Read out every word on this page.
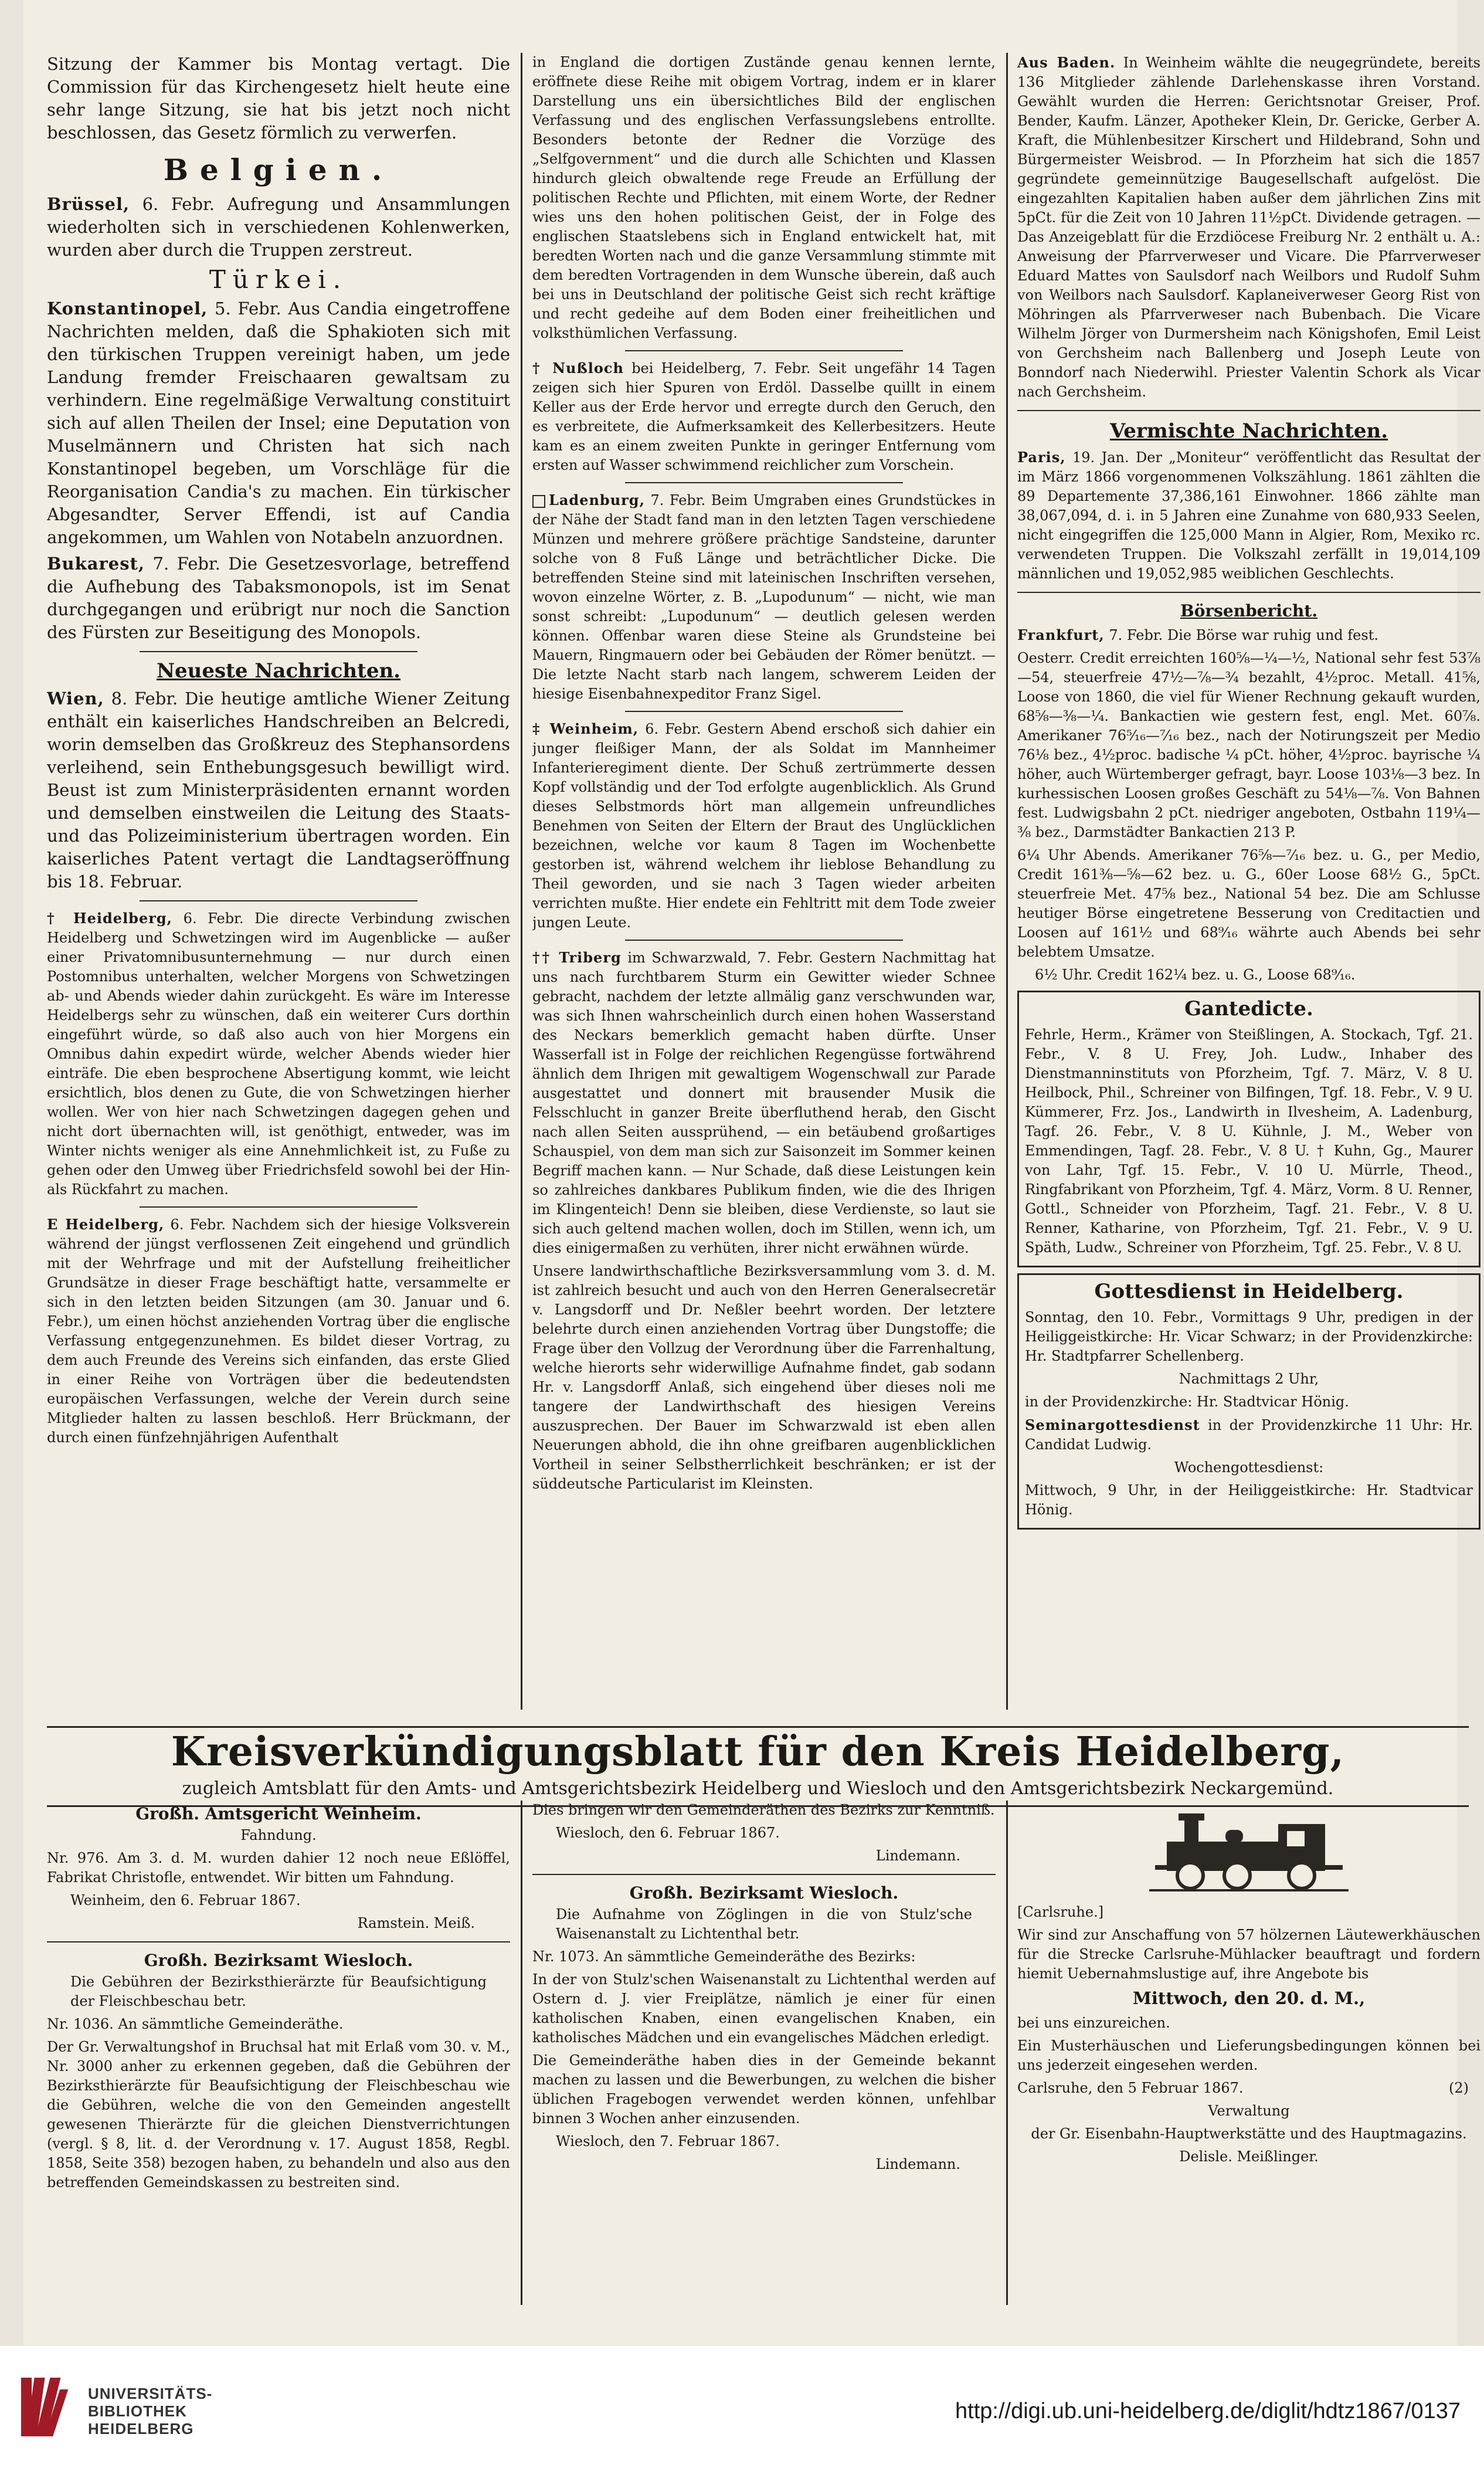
Sitzung der Kammer bis Montag vertagt. Die Commission für das Kirchengesetz hielt heute eine sehr lange Sitzung, sie hat bis jetzt noch nicht beschlossen, das Gesetz förmlich zu verwerfen.

Belgien.

Brüssel, 6. Febr. Aufregung und Ansammlungen wiederholten sich in verschiedenen Kohlenwerken, wurden aber durch die Truppen zerstreut.

Türkei.

Konstantinopel, 5. Febr. Aus Candia eingetroffene Nachrichten melden, daß die Sphakioten sich mit den türkischen Truppen vereinigt haben, um jede Landung fremder Freischaaren gewaltsam zu verhindern. Eine regelmäßige Verwaltung constituirt sich auf allen Theilen der Insel; eine Deputation von Muselmännern und Christen hat sich nach Konstantinopel begeben, um Vorschläge für die Reorganisation Candia's zu machen. Ein türkischer Abgesandter, Server Effendi, ist auf Candia angekommen, um Wahlen von Notabeln anzuordnen.

Bukarest, 7. Febr. Die Gesetzesvorlage, betreffend die Aufhebung des Tabaksmonopols, ist im Senat durchgegangen und erübrigt nur noch die Sanction des Fürsten zur Beseitigung des Monopols.

Neueste Nachrichten.

Wien, 8. Febr. Die heutige amtliche Wiener Zeitung enthält ein kaiserliches Handschreiben an Belcredi, worin demselben das Großkreuz des Stephansordens verleihend, sein Enthebungsgesuch bewilligt wird. Beust ist zum Ministerpräsidenten ernannt worden und demselben einstweilen die Leitung des Staats- und das Polizeiministerium übertragen worden. Ein kaiserliches Patent vertagt die Landtagseröffnung bis 18. Februar.

† Heidelberg, 6. Febr. Die directe Verbindung zwischen Heidelberg und Schwetzingen wird im Augenblicke — außer einer Privatomnibusunternehmung — nur durch einen Postomnibus unterhalten, welcher Morgens von Schwetzingen ab- und Abends wieder dahin zurückgeht. Es wäre im Interesse Heidelbergs sehr zu wünschen, daß ein weiterer Curs dorthin eingeführt würde, so daß also auch von hier Morgens ein Omnibus dahin expedirt würde, welcher Abends wieder hier einträfe. Die eben besprochene Absertigung kommt, wie leicht ersichtlich, blos denen zu Gute, die von Schwetzingen hierher wollen. Wer von hier nach Schwetzingen dagegen gehen und nicht dort übernachten will, ist genöthigt, entweder, was im Winter nichts weniger als eine Annehmlichkeit ist, zu Fuße zu gehen oder den Umweg über Friedrichsfeld sowohl bei der Hin- als Rückfahrt zu machen.

E Heidelberg, 6. Febr. Nachdem sich der hiesige Volksverein während der jüngst verflossenen Zeit eingehend und gründlich mit der Wehrfrage und mit der Aufstellung freiheitlicher Grundsätze in dieser Frage beschäftigt hatte, versammelte er sich in den letzten beiden Sitzungen (am 30. Januar und 6. Febr.), um einen höchst anziehenden Vortrag über die englische Verfassung entgegenzunehmen. Es bildet dieser Vortrag, zu dem auch Freunde des Vereins sich einfanden, das erste Glied in einer Reihe von Vorträgen über die bedeutendsten europäischen Verfassungen, welche der Verein durch seine Mitglieder halten zu lassen beschloß. Herr Brückmann, der durch einen fünfzehnjährigen Aufenthalt

in England die dortigen Zustände genau kennen lernte, eröffnete diese Reihe mit obigem Vortrag, indem er in klarer Darstellung uns ein übersichtliches Bild der englischen Verfassung und des englischen Verfassungslebens entrollte. Besonders betonte der Redner die Vorzüge des „Selfgovernment“ und die durch alle Schichten und Klassen hindurch gleich obwaltende rege Freude an Erfüllung der politischen Rechte und Pflichten, mit einem Worte, der Redner wies uns den hohen politischen Geist, der in Folge des englischen Staatslebens sich in England entwickelt hat, mit beredten Worten nach und die ganze Versammlung stimmte mit dem beredten Vortragenden in dem Wunsche überein, daß auch bei uns in Deutschland der politische Geist sich recht kräftige und recht gedeihe auf dem Boden einer freiheitlichen und volksthümlichen Verfassung.

† Nußloch bei Heidelberg, 7. Febr. Seit ungefähr 14 Tagen zeigen sich hier Spuren von Erdöl. Dasselbe quillt in einem Keller aus der Erde hervor und erregte durch den Geruch, den es verbreitete, die Aufmerksamkeit des Kellerbesitzers. Heute kam es an einem zweiten Punkte in geringer Entfernung vom ersten auf Wasser schwimmend reichlicher zum Vorschein.

Ladenburg, 7. Febr. Beim Umgraben eines Grundstückes in der Nähe der Stadt fand man in den letzten Tagen verschiedene Münzen und mehrere größere prächtige Sandsteine, darunter solche von 8 Fuß Länge und beträchtlicher Dicke. Die betreffenden Steine sind mit lateinischen Inschriften versehen, wovon einzelne Wörter, z. B. „Lupodunum“ — nicht, wie man sonst schreibt: „Lupodunum“ — deutlich gelesen werden können. Offenbar waren diese Steine als Grundsteine bei Mauern, Ringmauern oder bei Gebäuden der Römer benützt. — Die letzte Nacht starb nach langem, schwerem Leiden der hiesige Eisenbahnexpeditor Franz Sigel.

‡ Weinheim, 6. Febr. Gestern Abend erschoß sich dahier ein junger fleißiger Mann, der als Soldat im Mannheimer Infanterieregiment diente. Der Schuß zertrümmerte dessen Kopf vollständig und der Tod erfolgte augenblicklich. Als Grund dieses Selbstmords hört man allgemein unfreundliches Benehmen von Seiten der Eltern der Braut des Unglücklichen bezeichnen, welche vor kaum 8 Tagen im Wochenbette gestorben ist, während welchem ihr lieblose Behandlung zu Theil geworden, und sie nach 3 Tagen wieder arbeiten verrichten mußte. Hier endete ein Fehltritt mit dem Tode zweier jungen Leute.

†† Triberg im Schwarzwald, 7. Febr. Gestern Nachmittag hat uns nach furchtbarem Sturm ein Gewitter wieder Schnee gebracht, nachdem der letzte allmälig ganz verschwunden war, was sich Ihnen wahrscheinlich durch einen hohen Wasserstand des Neckars bemerklich gemacht haben dürfte. Unser Wasserfall ist in Folge der reichlichen Regengüsse fortwährend ähnlich dem Ihrigen mit gewaltigem Wogenschwall zur Parade ausgestattet und donnert mit brausender Musik die Felsschlucht in ganzer Breite überfluthend herab, den Gischt nach allen Seiten aussprühend, — ein betäubend großartiges Schauspiel, von dem man sich zur Saisonzeit im Sommer keinen Begriff machen kann. — Nur Schade, daß diese Leistungen kein so zahlreiches dankbares Publikum finden, wie die des Ihrigen im Klingenteich! Denn sie bleiben, diese Verdienste, so laut sie sich auch geltend machen wollen, doch im Stillen, wenn ich, um dies einigermaßen zu verhüten, ihrer nicht erwähnen würde.

Unsere landwirthschaftliche Bezirksversammlung vom 3. d. M. ist zahlreich besucht und auch von den Herren Generalsecretär v. Langsdorff und Dr. Neßler beehrt worden. Der letztere belehrte durch einen anziehenden Vortrag über Dungstoffe; die Frage über den Vollzug der Verordnung über die Farrenhaltung, welche hierorts sehr widerwillige Aufnahme findet, gab sodann Hr. v. Langsdorff Anlaß, sich eingehend über dieses noli me tangere der Landwirthschaft des hiesigen Vereins auszusprechen. Der Bauer im Schwarzwald ist eben allen Neuerungen abhold, die ihn ohne greifbaren augenblicklichen Vortheil in seiner Selbstherrlichkeit beschränken; er ist der süddeutsche Particularist im Kleinsten.

Aus Baden. In Weinheim wählte die neugegründete, bereits 136 Mitglieder zählende Darlehenskasse ihren Vorstand. Gewählt wurden die Herren: Gerichtsnotar Greiser, Prof. Bender, Kaufm. Länzer, Apotheker Klein, Dr. Gericke, Gerber A. Kraft, die Mühlenbesitzer Kirschert und Hildebrand, Sohn und Bürgermeister Weisbrod. — In Pforzheim hat sich die 1857 gegründete gemeinnützige Baugesellschaft aufgelöst. Die eingezahlten Kapitalien haben außer dem jährlichen Zins mit 5pCt. für die Zeit von 10 Jahren 11½pCt. Dividende getragen. — Das Anzeigeblatt für die Erzdiöcese Freiburg Nr. 2 enthält u. A.: Anweisung der Pfarrverweser und Vicare. Die Pfarrverweser Eduard Mattes von Saulsdorf nach Weilbors und Rudolf Suhm von Weilbors nach Saulsdorf. Kaplaneiverweser Georg Rist von Möhringen als Pfarrverweser nach Bubenbach. Die Vicare Wilhelm Jörger von Durmersheim nach Königshofen, Emil Leist von Gerchsheim nach Ballenberg und Joseph Leute von Bonndorf nach Niederwihl. Priester Valentin Schork als Vicar nach Gerchsheim.

Vermischte Nachrichten.

Paris, 19. Jan. Der „Moniteur“ veröffentlicht das Resultat der im März 1866 vorgenommenen Volkszählung. 1861 zählten die 89 Departemente 37,386,161 Einwohner. 1866 zählte man 38,067,094, d. i. in 5 Jahren eine Zunahme von 680,933 Seelen, nicht eingegriffen die 125,000 Mann in Algier, Rom, Mexiko rc. verwendeten Truppen. Die Volkszahl zerfällt in 19,014,109 männlichen und 19,052,985 weiblichen Geschlechts.

Börsenbericht.

Frankfurt, 7. Febr. Die Börse war ruhig und fest.

Oesterr. Credit erreichten 160⅝—¼—½, National sehr fest 53⅞—54, steuerfreie 47½—⅞—¾ bezahlt, 4½proc. Metall. 41⅝, Loose von 1860, die viel für Wiener Rechnung gekauft wurden, 68⅝—⅜—¼. Bankactien wie gestern fest, engl. Met. 60⅞. Amerikaner 76⁵⁄₁₆—⁷⁄₁₆ bez., nach der Notirungszeit per Medio 76⅛ bez., 4½proc. badische ¼ pCt. höher, 4½proc. bayrische ¼ höher, auch Würtemberger gefragt, bayr. Loose 103⅛—3 bez. In kurhessischen Loosen großes Geschäft zu 54⅛—⅞. Von Bahnen fest. Ludwigsbahn 2 pCt. niedriger angeboten, Ostbahn 119¼—⅜ bez., Darmstädter Bankactien 213 P.

6¼ Uhr Abends. Amerikaner 76⅝—⁷⁄₁₆ bez. u. G., per Medio, Credit 161⅜—⅝—62 bez. u. G., 60er Loose 68½ G., 5pCt. steuerfreie Met. 47⅝ bez., National 54 bez. Die am Schlusse heutiger Börse eingetretene Besserung von Creditactien und Loosen auf 161½ und 68⁹⁄₁₆ währte auch Abends bei sehr belebtem Umsatze.

6½ Uhr. Credit 162¼ bez. u. G., Loose 68⁹⁄₁₆.

Gantedicte.

Fehrle, Herm., Krämer von Steißlingen, A. Stockach, Tgf. 21. Febr., V. 8 U. Frey, Joh. Ludw., Inhaber des Dienstmanninstituts von Pforzheim, Tgf. 7. März, V. 8 U. Heilbock, Phil., Schreiner von Bilfingen, Tgf. 18. Febr., V. 9 U. Kümmerer, Frz. Jos., Landwirth in Ilvesheim, A. Ladenburg, Tagf. 26. Febr., V. 8 U. Kühnle, J. M., Weber von Emmendingen, Tagf. 28. Febr., V. 8 U. † Kuhn, Gg., Maurer von Lahr, Tgf. 15. Febr., V. 10 U. Mürrle, Theod., Ringfabrikant von Pforzheim, Tgf. 4. März, Vorm. 8 U. Renner, Gottl., Schneider von Pforzheim, Tagf. 21. Febr., V. 8 U. Renner, Katharine, von Pforzheim, Tgf. 21. Febr., V. 9 U. Späth, Ludw., Schreiner von Pforzheim, Tgf. 25. Febr., V. 8 U.

Gottesdienst in Heidelberg.

Sonntag, den 10. Febr., Vormittags 9 Uhr, predigen in der Heiliggeistkirche: Hr. Vicar Schwarz; in der Providenzkirche: Hr. Stadtpfarrer Schellenberg.

Nachmittags 2 Uhr,

in der Providenzkirche: Hr. Stadtvicar Hönig.

Seminargottesdienst in der Providenzkirche 11 Uhr: Hr. Candidat Ludwig.

Wochengottesdienst:

Mittwoch, 9 Uhr, in der Heiliggeistkirche: Hr. Stadtvicar Hönig.

Kreisverkündigungsblatt für den Kreis Heidelberg,
zugleich Amtsblatt für den Amts- und Amtsgerichtsbezirk Heidelberg und Wiesloch und den Amtsgerichtsbezirk Neckargemünd.
Großh. Amtsgericht Weinheim.

Fahndung.

Nr. 976. Am 3. d. M. wurden dahier 12 noch neue Eßlöffel, Fabrikat Christofle, entwendet. Wir bitten um Fahndung.

Weinheim, den 6. Februar 1867.

Ramstein. Meiß.

Großh. Bezirksamt Wiesloch.

Die Gebühren der Bezirksthierärzte für Beaufsichtigung der Fleischbeschau betr.

Nr. 1036. An sämmtliche Gemeinderäthe.

Der Gr. Verwaltungshof in Bruchsal hat mit Erlaß vom 30. v. M., Nr. 3000 anher zu erkennen gegeben, daß die Gebühren der Bezirksthierärzte für Beaufsichtigung der Fleischbeschau wie die Gebühren, welche die von den Gemeinden angestellt gewesenen Thierärzte für die gleichen Dienstverrichtungen (vergl. § 8, lit. d. der Verordnung v. 17. August 1858, Regbl. 1858, Seite 358) bezogen haben, zu behandeln und also aus den betreffenden Gemeindskassen zu bestreiten sind.

Dies bringen wir den Gemeinderäthen des Bezirks zur Kenntniß.

Wiesloch, den 6. Februar 1867.

Lindemann.

Großh. Bezirksamt Wiesloch.

Die Aufnahme von Zöglingen in die von Stulz'sche Waisenanstalt zu Lichtenthal betr.

Nr. 1073. An sämmtliche Gemeinderäthe des Bezirks:

In der von Stulz'schen Waisenanstalt zu Lichtenthal werden auf Ostern d. J. vier Freiplätze, nämlich je einer für einen katholischen Knaben, einen evangelischen Knaben, ein katholisches Mädchen und ein evangelisches Mädchen erledigt.

Die Gemeinderäthe haben dies in der Gemeinde bekannt machen zu lassen und die Bewerbungen, zu welchen die bisher üblichen Fragebogen verwendet werden können, unfehlbar binnen 3 Wochen anher einzusenden.

Wiesloch, den 7. Februar 1867.

Lindemann.

[Carlsruhe.]

Wir sind zur Anschaffung von 57 hölzernen Läutewerkhäuschen für die Strecke Carlsruhe-Mühlacker beauftragt und fordern hiemit Uebernahmslustige auf, ihre Angebote bis

Mittwoch, den 20. d. M.,

bei uns einzureichen.

Ein Musterhäuschen und Lieferungsbedingungen können bei uns jederzeit eingesehen werden.

Carlsruhe, den 5 Februar 1867.	(2)

Verwaltung

der Gr. Eisenbahn-Hauptwerkstätte und des Hauptmagazins.

Delisle. Meißlinger.

UNIVERSITÄTS-
BIBLIOTHEK
HEIDELBERG
http://digi.ub.uni-heidelberg.de/diglit/hdtz1867/0137
